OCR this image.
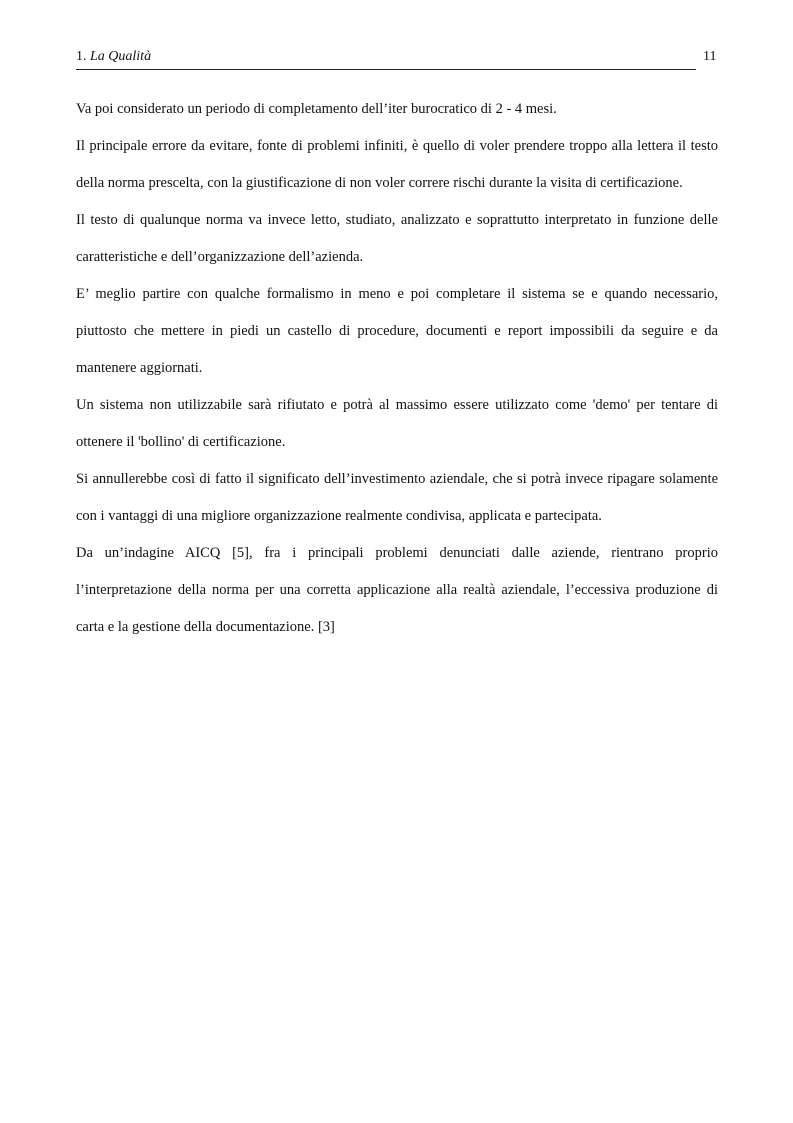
1. La Qualità	11

Va poi considerato un periodo di completamento dell’iter burocratico di 2 - 4 mesi.

Il principale errore da evitare, fonte di problemi infiniti, è quello di voler prendere troppo alla lettera il testo della norma prescelta, con la giustificazione di non voler correre rischi durante la visita di certificazione.

Il testo di qualunque norma va invece letto, studiato, analizzato e soprattutto interpretato in funzione delle caratteristiche e dell’organizzazione dell’azienda.

E’ meglio partire con qualche formalismo in meno e poi completare il sistema se e quando necessario, piuttosto che mettere in piedi un castello di procedure, documenti e report impossibili da seguire e da mantenere aggiornati.

Un sistema non utilizzabile sarà rifiutato e potrà al massimo essere utilizzato come 'demo' per tentare di ottenere il 'bollino' di certificazione.

Si annullerebbe così di fatto il significato dell’investimento aziendale, che si potrà invece ripagare solamente con i vantaggi di una migliore organizzazione realmente condivisa, applicata e partecipata.

Da un’indagine AICQ [5], fra i principali problemi denunciati dalle aziende, rientrano proprio l’interpretazione della norma per una corretta applicazione alla realtà aziendale, l’eccessiva produzione di carta e la gestione della documentazione. [3]
